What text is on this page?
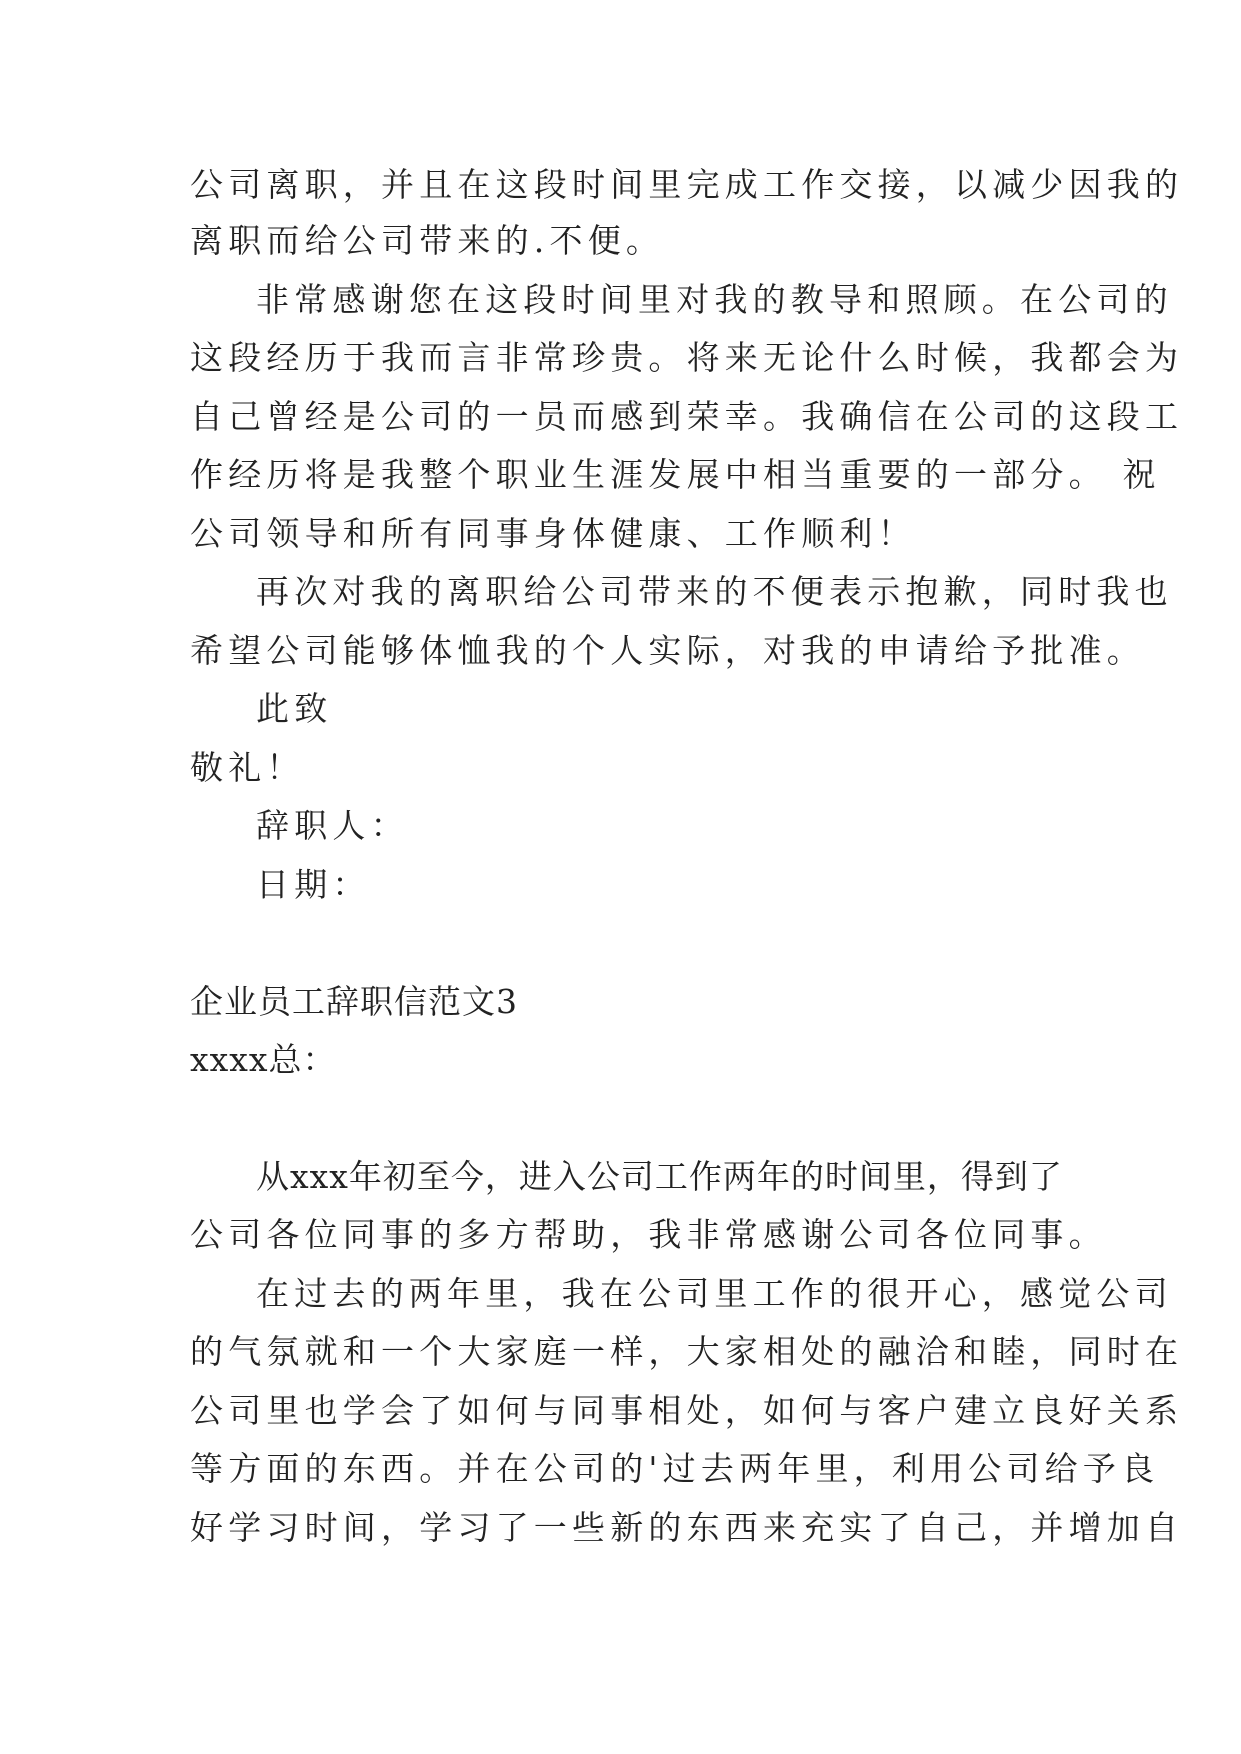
公司离职，并且在这段时间里完成工作交接，以减少因我的
离职而给公司带来的.不便。
非常感谢您在这段时间里对我的教导和照顾。在公司的
这段经历于我而言非常珍贵。将来无论什么时候，我都会为
自己曾经是公司的一员而感到荣幸。我确信在公司的这段工
作经历将是我整个职业生涯发展中相当重要的一部分。 祝
公司领导和所有同事身体健康、工作顺利！
再次对我的离职给公司带来的不便表示抱歉，同时我也
希望公司能够体恤我的个人实际，对我的申请给予批准。
此致
敬礼！
辞职人：
日期：
企业员工辞职信范文3
xxxx总：
从xxx年初至今，进入公司工作两年的时间里，得到了
公司各位同事的多方帮助，我非常感谢公司各位同事。
在过去的两年里，我在公司里工作的很开心，感觉公司
的气氛就和一个大家庭一样，大家相处的融洽和睦，同时在
公司里也学会了如何与同事相处，如何与客户建立良好关系
等方面的东西。并在公司的'过去两年里，利用公司给予良
好学习时间，学习了一些新的东西来充实了自己，并增加自
